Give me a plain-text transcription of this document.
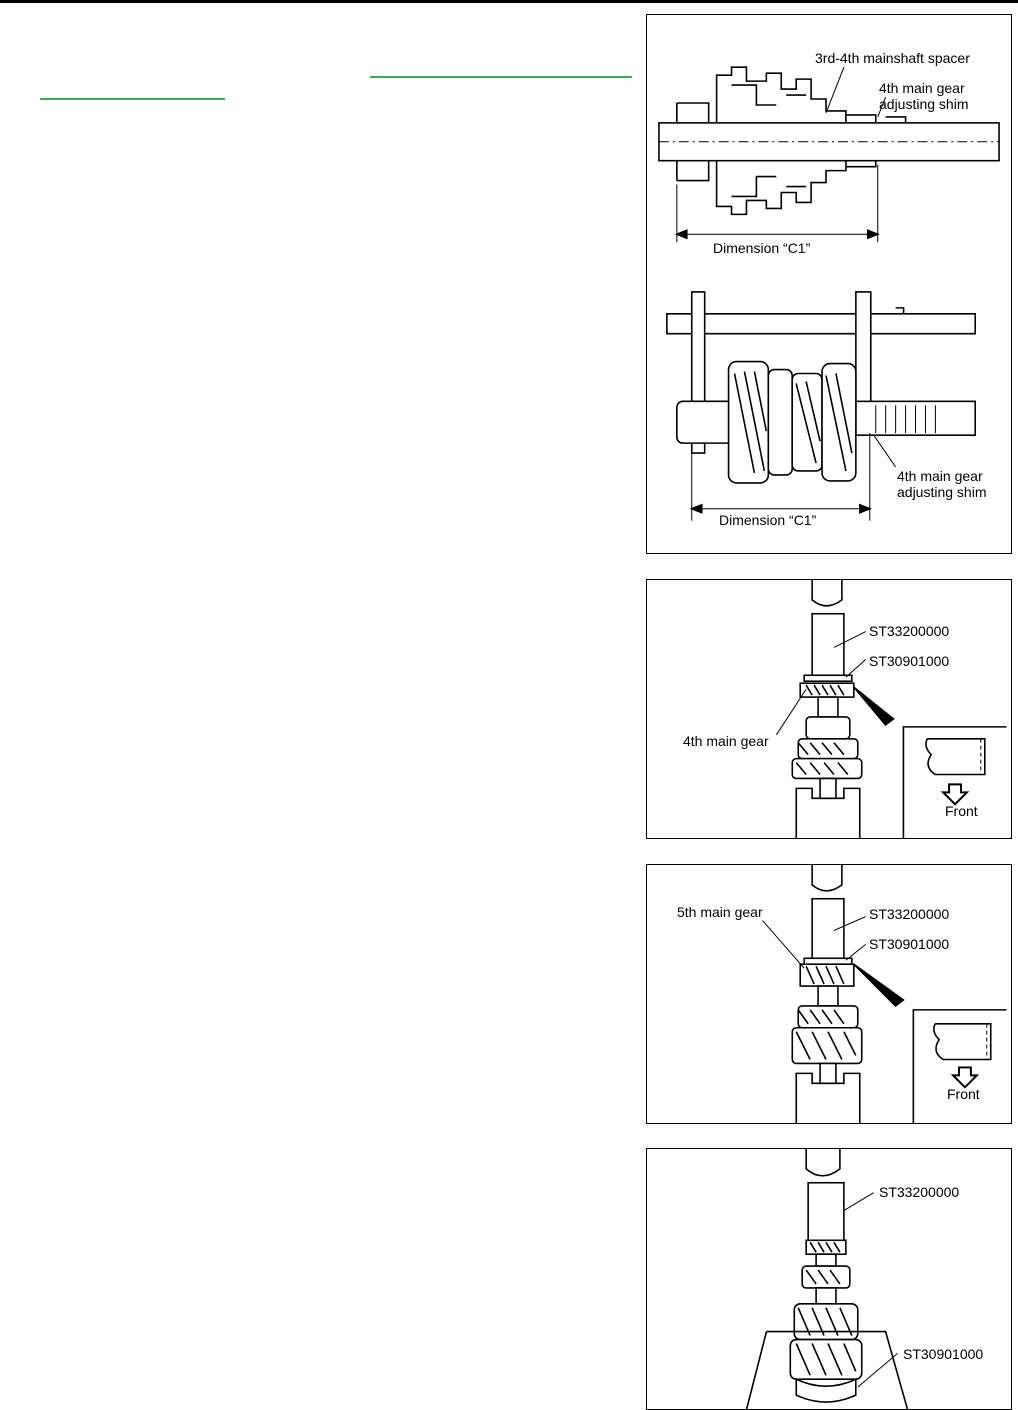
3rd-4th mainshaft spacer
4th main gear
adjusting shim
Dimension “C1”
4th main gear
adjusting shim
Dimension “C1”
ST33200000
ST30901000
4th main gear
Front
5th main gear	ST33200000
ST30901000
Front
ST33200000
ST30901000
